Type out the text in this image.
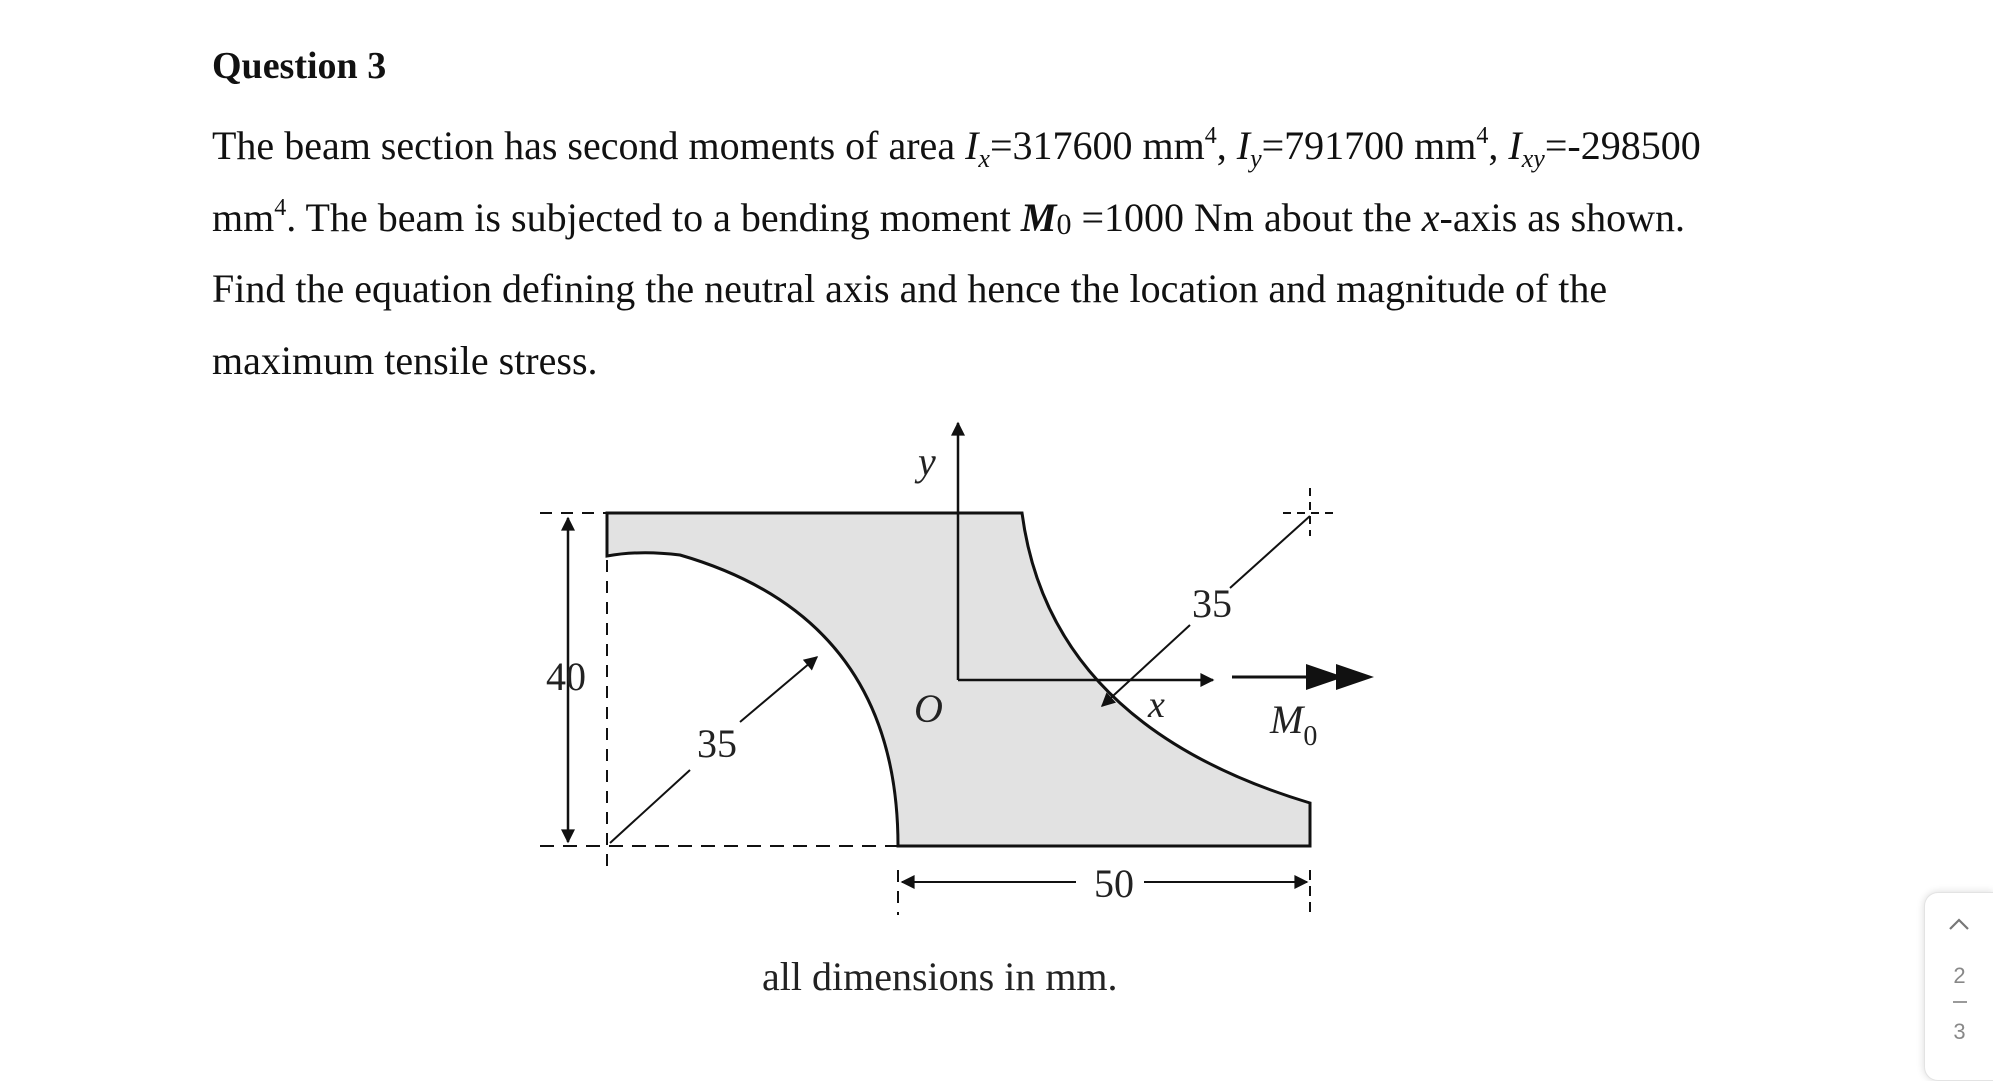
Question 3

The beam section has second moments of area $I_x=317600$ $mm^4$, $I_y=791700$ $mm^4$, $I_{xy}=-298500$ $mm^4$. The beam is subjected to a bending moment M0 =1000 Nm about the x-axis as shown. Find the equation defining the neutral axis and hence the location and magnitude of the maximum tensile stress.

y
x
O
40
35
35
50
$M_0$
all dimensions in mm.	2
3
